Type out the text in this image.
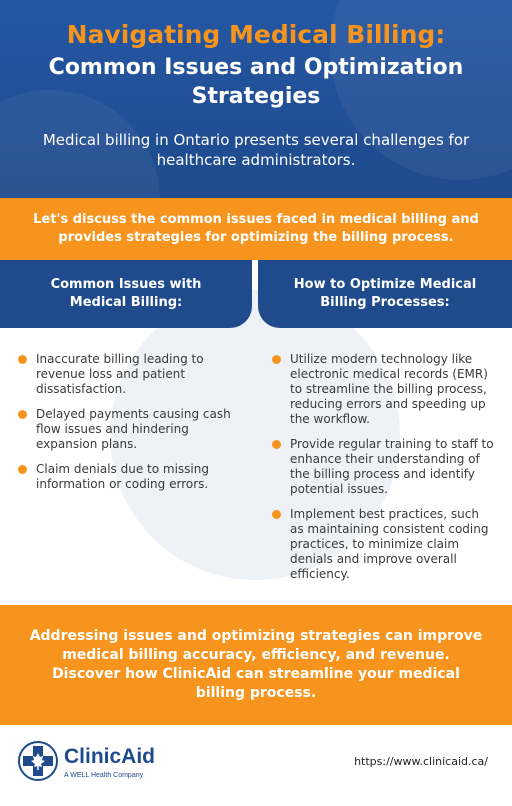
Navigating Medical Billing:
Common Issues and Optimization Strategies

Medical billing in Ontario presents several challenges for healthcare administrators.

Let's discuss the common issues faced in medical billing and provides strategies for optimizing the billing process.

Common Issues with Medical Billing:
How to Optimize Medical Billing Processes:
Inaccurate billing leading to revenue loss and patient dissatisfaction.
Delayed payments causing cash flow issues and hindering expansion plans.
Claim denials due to missing information or coding errors.
Utilize modern technology like electronic medical records (EMR) to streamline the billing process, reducing errors and speeding up the workflow.
Provide regular training to staff to enhance their understanding of the billing process and identify potential issues.
Implement best practices, such as maintaining consistent coding practices, to minimize claim denials and improve overall efficiency.

Addressing issues and optimizing strategies can improve medical billing accuracy, efficiency, and revenue. Discover how ClinicAid can streamline your medical billing process.

ClinicAid
A WELL Health Company
https://www.clinicaid.ca/
